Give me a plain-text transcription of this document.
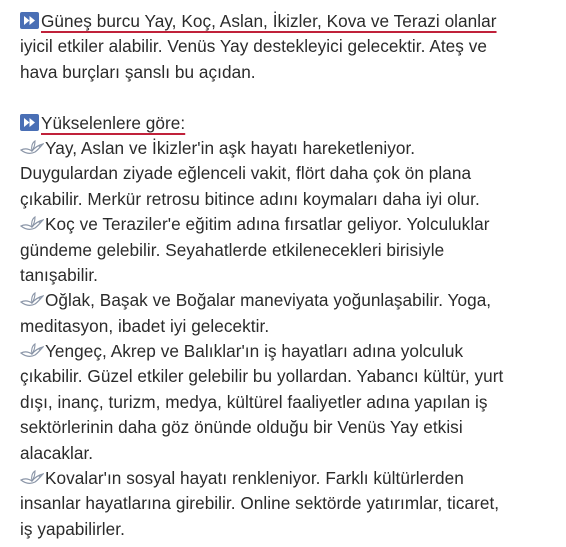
Güneş burcu Yay, Koç, Aslan, İkizler, Kova ve Terazi olanlar
iyicil etkiler alabilir. Venüs Yay destekleyici gelecektir. Ateş ve
hava burçları şanslı bu açıdan.
Yükselenlere göre:
Yay, Aslan ve İkizler'in aşk hayatı hareketleniyor.
Duygulardan ziyade eğlenceli vakit, flört daha çok ön plana
çıkabilir. Merkür retrosu bitince adını koymaları daha iyi olur.
Koç ve Teraziler'e eğitim adına fırsatlar geliyor. Yolculuklar
gündeme gelebilir. Seyahatlerde etkilenecekleri birisiyle
tanışabilir.
Oğlak, Başak ve Boğalar maneviyata yoğunlaşabilir. Yoga,
meditasyon, ibadet iyi gelecektir.
Yengeç, Akrep ve Balıklar'ın iş hayatları adına yolculuk
çıkabilir. Güzel etkiler gelebilir bu yollardan. Yabancı kültür, yurt
dışı, inanç, turizm, medya, kültürel faaliyetler adına yapılan iş
sektörlerinin daha göz önünde olduğu bir Venüs Yay etkisi
alacaklar.
Kovalar'ın sosyal hayatı renkleniyor. Farklı kültürlerden
insanlar hayatlarına girebilir. Online sektörde yatırımlar, ticaret,
iş yapabilirler.
